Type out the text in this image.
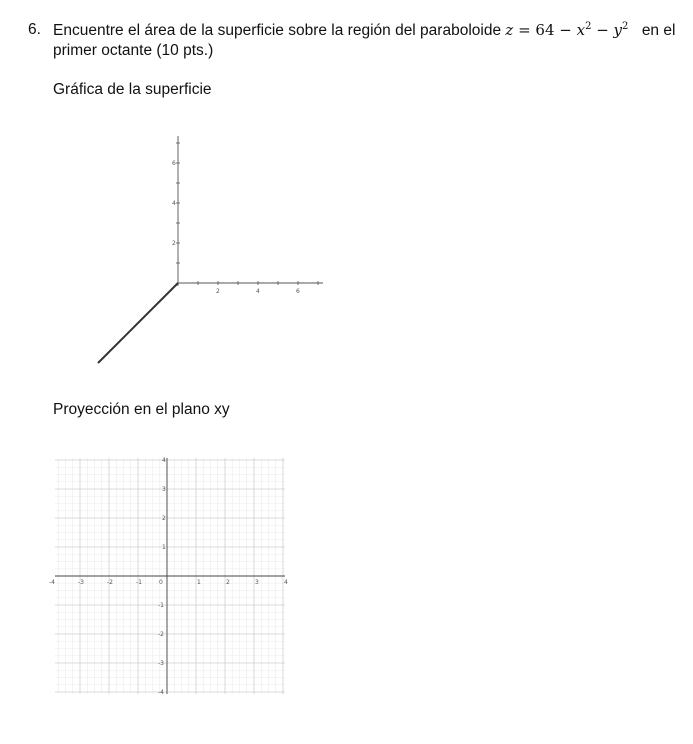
6. Encuentre el área de la superficie sobre la región del paraboloide $z = 64 - x^2 - y^2$ en el
primer octante (10 pts.)
Gráfica de la superficie
2	4	6
2
4
6
Proyección en el plano xy
-4	-3	-2	-1	0	1	2	3	4
4
3
2
1
-1
-2
-3
-4
